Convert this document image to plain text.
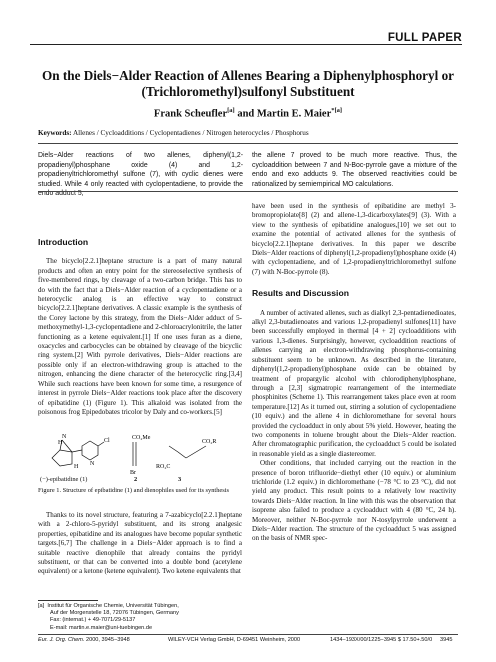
FULL PAPER
On the Diels−Alder Reaction of Allenes Bearing a Diphenylphosphoryl or (Trichloromethyl)sulfonyl Substituent
Frank Scheufler[a] and Martin E. Maier$^{*[a]}$
Keywords: Allenes / Cycloadditions / Cyclopentadienes / Nitrogen heterocycles / Phosphorus
Diels−Alder reactions of two allenes, diphenyl(1,2-propadienyl)phosphane oxide (4) and 1,2-propadienyltrichloromethyl sulfone (7), with cyclic dienes were studied. While 4 only reacted with cyclopentadiene, to provide the endo adduct 5,
the allene 7 proved to be much more reactive. Thus, the cycloaddition between 7 and N-Boc-pyrrole gave a mixture of the endo and exo adducts 9. The observed reactivities could be rationalized by semiempirical MO calculations.
Introduction

The bicyclo[2.2.1]heptane structure is a part of many natural products and often an entry point for the stereoselective synthesis of five-membered rings, by cleavage of a two-carbon bridge. This has to do with the fact that a Diels−Alder reaction of a cyclopentadiene or a heterocyclic analog is an effective way to construct bicyclo[2.2.1]heptane derivatives. A classic example is the synthesis of the Corey lactone by this strategy, from the Diels−Alder adduct of 5-methoxymethyl-1,3-cyclopentadiene and 2-chloroacrylonitrile, the latter functioning as a ketene equivalent.[1] If one uses furan as a diene, oxacycles and carbocycles can be obtained by cleavage of the bicyclic ring system.[2] With pyrrole derivatives, Diels−Alder reactions are possible only if an electron-withdrawing group is attached to the nitrogen, enhancing the diene character of the heterocyclic ring.[3,4] While such reactions have been known for some time, a resurgence of interest in pyrrole Diels−Alder reactions took place after the discovery of epibatidine (1) (Figure 1). This alkaloid was isolated from the poisonous frog Epipedobates tricolor by Daly and co-workers.[5]

H
N
H N
Cl	CO₂Me
Br
CO₂R
RO₂C
(−)-epibatidine (1)	2	3
Figure 1. Structure of epibatidine (1) and dienophiles used for its synthesis

Thanks to its novel structure, featuring a 7-azabicyclo[2.2.1]heptane with a 2-chloro-5-pyridyl substituent, and its strong analgesic properties, epibatidine and its analogues have become popular synthetic targets.[6,7] The challenge in a Diels−Alder approach is to find a suitable reactive dienophile that already contains the pyridyl substituent, or that can be converted into a double bond (acetylene equivalent) or a ketone (ketene equivalent). Two ketene equivalents that

[a] Institut für Organische Chemie, Universität Tübingen,
Auf der Morgenstelle 18, 72076 Tübingen, Germany
Fax: (internat.) + 49-7071/29-5137
E-mail: martin.e.maier@uni-tuebingen.de

have been used in the synthesis of epibatidine are methyl 3-bromopropiolate[8] (2) and allene-1,3-dicarboxylates[9] (3). With a view to the synthesis of epibatidine analogues,[10] we set out to examine the potential of activated allenes for the synthesis of bicyclo[2.2.1]heptane derivatives. In this paper we describe Diels−Alder reactions of diphenyl(1,2-propadienyl)phosphane oxide (4) with cyclopentadiene, and of 1,2-propadienyltrichloromethyl sulfone (7) with N-Boc-pyrrole (8).

Results and Discussion

A number of activated allenes, such as dialkyl 2,3-pentadienedioates, alkyl 2,3-butadienoates and various 1,2-propadienyl sulfones[11] have been successfully employed in thermal [4 + 2] cycloadditions with various 1,3-dienes. Surprisingly, however, cycloaddition reactions of allenes carrying an electron-withdrawing phosphorus-containing substituent seem to be unknown. As described in the literature, diphenyl(1,2-propadienyl)phosphane oxide can be obtained by treatment of propargylic alcohol with chlorodiphenylphosphane, through a [2,3] sigmatropic rearrangement of the intermediate phosphinites (Scheme 1). This rearrangement takes place even at room temperature.[12] As it turned out, stirring a solution of cyclopentadiene (10 equiv.) and the allene 4 in dichloromethane for several hours provided the cycloadduct in only about 5% yield. However, heating the two components in toluene brought about the Diels−Alder reaction. After chromatographic purification, the cycloadduct 5 could be isolated in reasonable yield as a single diastereomer.

Other conditions, that included carrying out the reaction in the presence of boron trifluoride−diethyl ether (10 equiv.) or aluminium trichloride (1.2 equiv.) in dichloromethane (−78 °C to 23 °C), did not yield any product. This result points to a relatively low reactivity towards Diels−Alder reaction. In line with this was the observation that isoprene also failed to produce a cycloadduct with 4 (80 °C, 24 h). Moreover, neither N-Boc-pyrrole nor N-tosylpyrrole underwent a Diels−Alder reaction. The structure of the cycloadduct 5 was assigned on the basis of NMR spec-

Eur. J. Org. Chem. 2000, 3945−3948	WILEY-VCH Verlag GmbH, D-69451 Weinheim, 2000	1434−193X/00/1225−3945 $ 17.50+.50/0 3945
